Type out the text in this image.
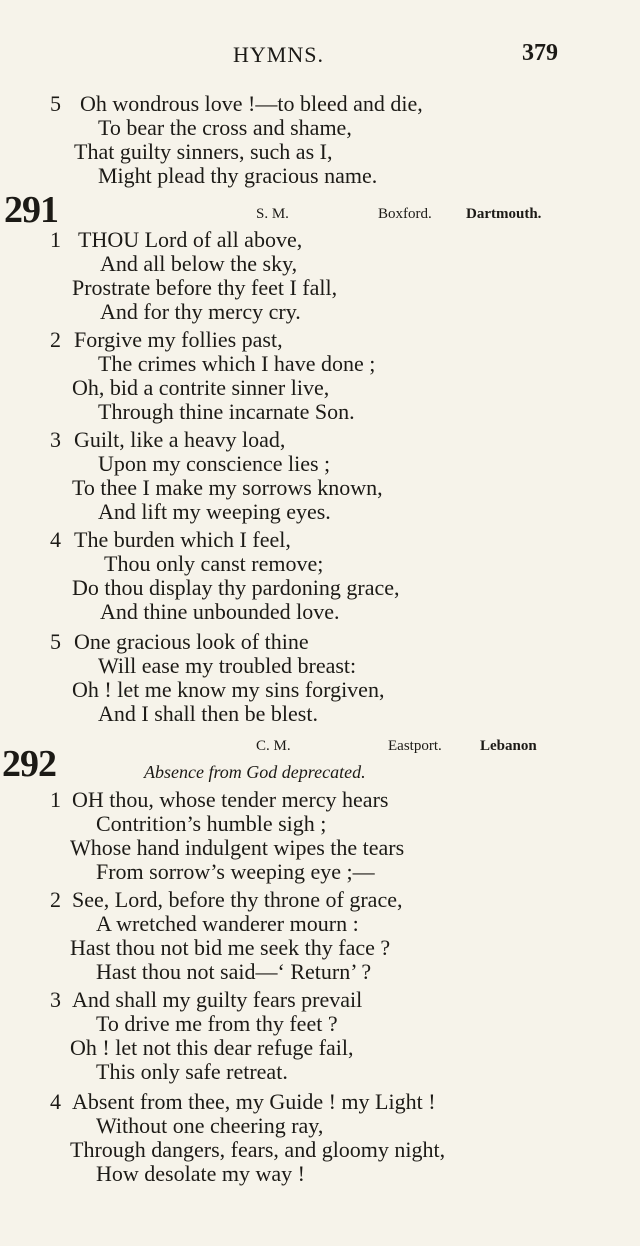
HYMNS.	379
5 Oh wondrous love !—to bleed and die,
To bear the cross and shame,
That guilty sinners, such as I,
Might plead thy gracious name.
291	S. M.	Boxford. Dartmouth.
1 THOU Lord of all above,
And all below the sky,
Prostrate before thy feet I fall,
And for thy mercy cry.
2 Forgive my follies past,
The crimes which I have done ;
Oh, bid a contrite sinner live,
Through thine incarnate Son.
3 Guilt, like a heavy load,
Upon my conscience lies ;
To thee I make my sorrows known,
And lift my weeping eyes.
4 The burden which I feel,
Thou only canst remove;
Do thou display thy pardoning grace,
And thine unbounded love.
5 One gracious look of thine
Will ease my troubled breast:
Oh ! let me know my sins forgiven,
And I shall then be blest.
292	C. M.	Eastport.	Lebanon
Absence from God deprecated.
1 OH thou, whose tender mercy hears
Contrition’s humble sigh ;
Whose hand indulgent wipes the tears
From sorrow’s weeping eye ;—
2 See, Lord, before thy throne of grace,
A wretched wanderer mourn :
Hast thou not bid me seek thy face ?
Hast thou not said—‘ Return’ ?
3 And shall my guilty fears prevail
To drive me from thy feet ?
Oh ! let not this dear refuge fail,
This only safe retreat.
4 Absent from thee, my Guide ! my Light !
Without one cheering ray,
Through dangers, fears, and gloomy night,
How desolate my way !
